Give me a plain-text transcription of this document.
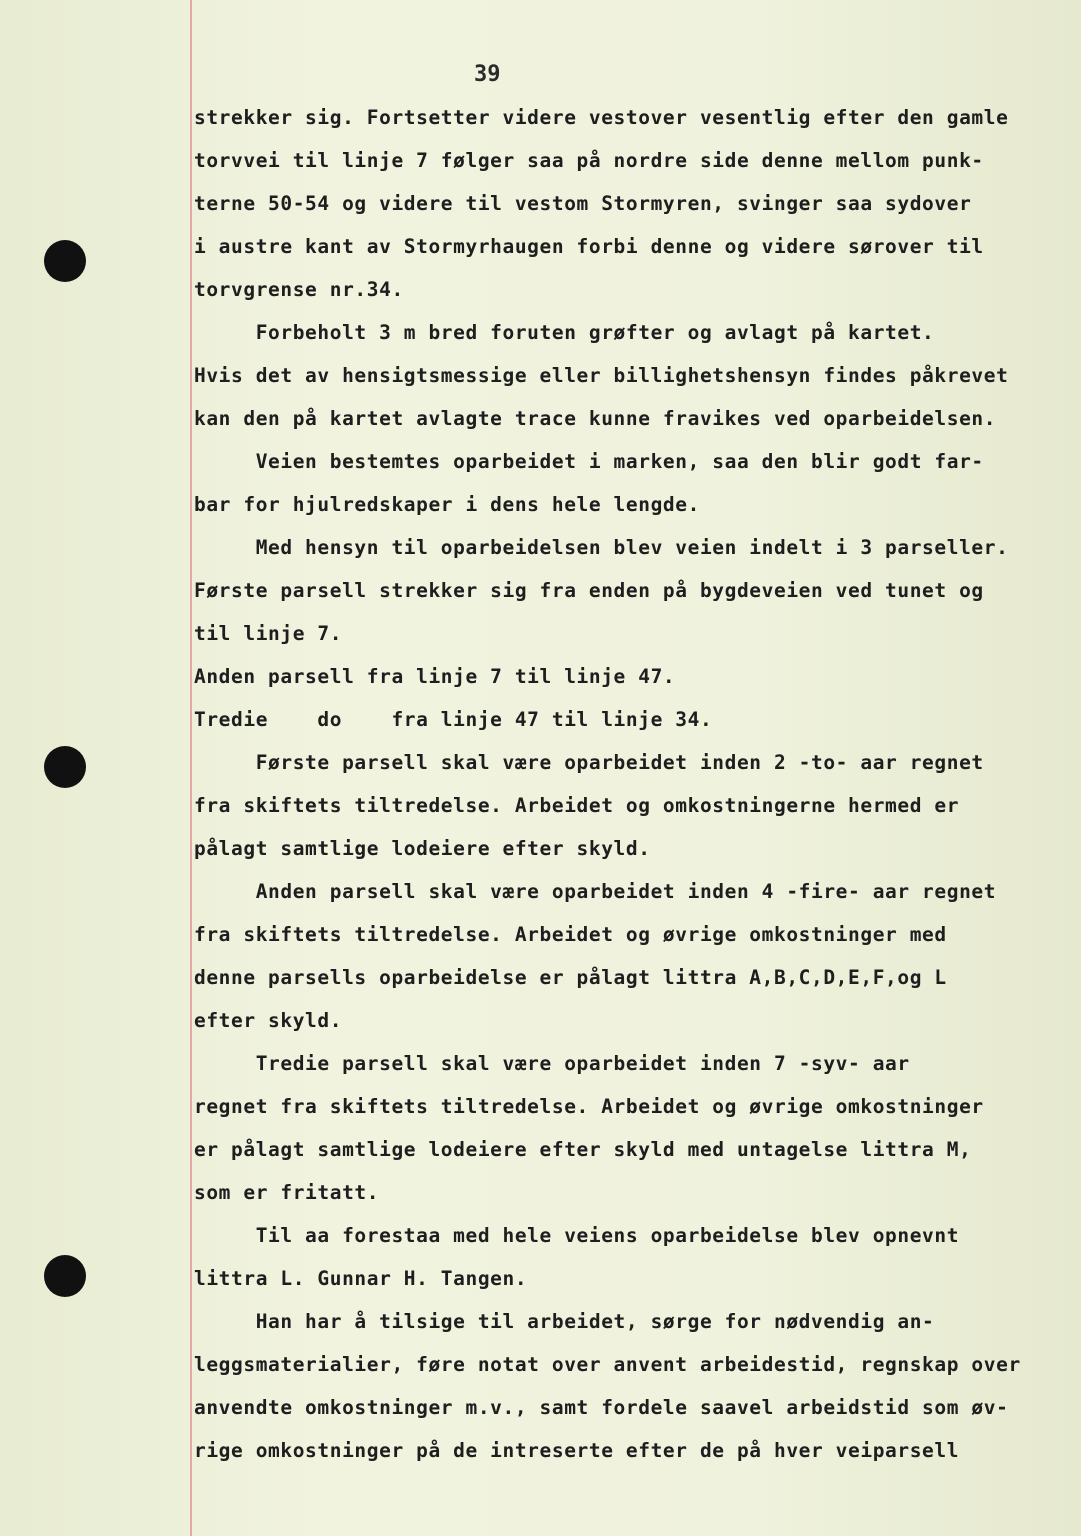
39
strekker sig. Fortsetter videre vestover vesentlig efter den gamle
torvvei til linje 7 følger saa på nordre side denne mellom punk-
terne 50-54 og videre til vestom Stormyren, svinger saa sydover
i austre kant av Stormyrhaugen forbi denne og videre sørover til
torvgrense nr.34.
Forbeholt 3 m bred foruten grøfter og avlagt på kartet.
Hvis det av hensigtsmessige eller billighetshensyn findes påkrevet
kan den på kartet avlagte trace kunne fravikes ved oparbeidelsen.
Veien bestemtes oparbeidet i marken, saa den blir godt far-
bar for hjulredskaper i dens hele lengde.
Med hensyn til oparbeidelsen blev veien indelt i 3 parseller.
Første parsell strekker sig fra enden på bygdeveien ved tunet og
til linje 7.
Anden parsell fra linje 7 til linje 47.
Tredie    do    fra linje 47 til linje 34.
Første parsell skal være oparbeidet inden 2 -to- aar regnet
fra skiftets tiltredelse. Arbeidet og omkostningerne hermed er
pålagt samtlige lodeiere efter skyld.
Anden parsell skal være oparbeidet inden 4 -fire- aar regnet
fra skiftets tiltredelse. Arbeidet og øvrige omkostninger med
denne parsells oparbeidelse er pålagt littra A,B,C,D,E,F,og L
efter skyld.
Tredie parsell skal være oparbeidet inden 7 -syv- aar
regnet fra skiftets tiltredelse. Arbeidet og øvrige omkostninger
er pålagt samtlige lodeiere efter skyld med untagelse littra M,
som er fritatt.
Til aa forestaa med hele veiens oparbeidelse blev opnevnt
littra L. Gunnar H. Tangen.
Han har å tilsige til arbeidet, sørge for nødvendig an-
leggsmaterialier, føre notat over anvent arbeidestid, regnskap over
anvendte omkostninger m.v., samt fordele saavel arbeidstid som øv-
rige omkostninger på de intreserte efter de på hver veiparsell
